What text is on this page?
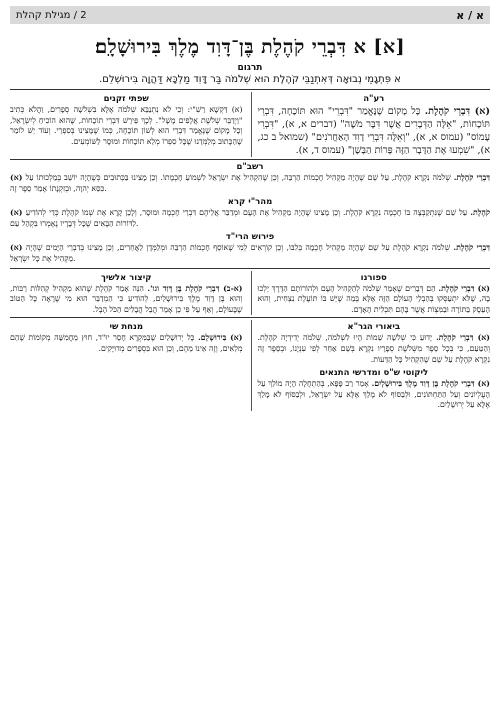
א / א
2 / מגילת קהלת
[א] א דִּבְרֵי קֹהֶלֶת בֶּן־דָּוִד מֶלֶךְ בִּירוּשָׁלָֽם׃
תרגום
א פִּתְגָמֵי נְבוּאָה דְּאִתְנַבֵּי קֹהֶלֶת הוּא שְׁלֹמֹה בַּר דָּוִד מַלְכָּא דַּהֲוָה בִּירוּשְׁלֵם.
רע"ה
(א) דִּבְרֵי קֹהֶלֶת. כָּל מָקוֹם שֶׁנֶּאֱמַר "דִּבְרֵי" הוּא תּוֹכָחָה, דִּבְרֵי תּוֹכָחוֹת, "אֵלֶּה הַדְּבָרִים אֲשֶׁר דִּבֶּר מֹשֶׁה" (דברים א, א), "דִּבְרֵי עָמוֹס" (עמוס א, א), "וְאֵלֶּה דִּבְרֵי דָוִד הָאַחֲרֹנִים" (שמואל ב כג, א), "שִׁמְעוּ אֶת הַדָּבָר הַזֶּה פָּרוֹת הַבָּשָׁן" (עמוס ד, א).
שפתי זקנים
(א) דַּקְשָׁא רַשִׁ"י: וְכִי לֹא נִתְנַבֵּא שְׁלֹמֹה אֶלָּא בִּשְׁלֹשָׁה סְפָרִים, וַהֲלֹא כְּתִיב "וַיְדַבֵּר שְׁלֹשֶׁת אֲלָפִים מָשָׁל". לְכָךְ פֵּירֵשׁ דִּבְרֵי תוֹכָחוֹת, שֶׁהוּא הוֹכִיחַ לְיִשְׂרָאֵל, וְכָל מָקוֹם שֶׁנֶּאֱמַר דִּבְרֵי הוּא לְשׁוֹן תּוֹכָחָה, כְּמוֹ שֶׁמָּצִינוּ בְּסִפְרֵי. וְעוֹד יֵשׁ לוֹמַר שֶׁהַכָּתוּב מְלַמְּדֵנוּ שֶׁכָּל סִפְרוֹ מְלֵא תוֹכָחוֹת וּמוּסָר לַשּׁוֹמְעִים.
רשב"ם
(א) דִּבְרֵי קֹהֶלֶת. שְׁלֹמֹה נִקְרָא קֹהֶלֶת, עַל שֵׁם שֶׁהָיָה מַקְהִיל חָכְמוֹת הַרְבֵּה, וְכֵן שֶׁהִקְהִיל אֶת יִשְׂרָאֵל לִשְׁמוֹעַ חָכְמָתוֹ. וְכֵן מָצִינוּ בַּכְּתוּבִים כְּשֶׁהָיָה יוֹשֵׁב בְּמַלְכוּתוֹ עַל כִּסֵּא יְהוָה, וּבְזִקְנָתוֹ אָמַר סֵפֶר זֶה.
מהר"י קרא
(א) קֹהֶלֶת. עַל שֵׁם שֶׁנִּתְקַבְּצָה בּוֹ חָכְמָה נִקְרָא קֹהֶלֶת. וְכֵן מָצִינוּ שֶׁהָיָה מַקְהִיל אֶת הָעָם וּמְדַבֵּר אֲלֵיהֶם דִּבְרֵי חָכְמָה וּמוּסָר, וְלָכֵן קָרָא אֶת שְׁמוֹ קֹהֶלֶת כְּדֵי לְהוֹדִיעַ לַדּוֹרוֹת הַבָּאִים שֶׁכָּל דְּבָרָיו נֶאֶמְרוּ בִּקְהַל עַם.
פירוש הרי"ד
(א) דִּבְרֵי קֹהֶלֶת. שְׁלֹמֹה נִקְרָא קֹהֶלֶת עַל שֵׁם שֶׁהָיָה מַקְהִיל חָכְמָה בְּלִבּוֹ, וְכֵן קוֹרְאִים לְמִי שֶׁאוֹסֵף חָכְמוֹת הַרְבֵּה וּמְלַמְּדָן לַאֲחֵרִים, וְכֵן מָצִינוּ בְּדִבְרֵי הַיָּמִים שֶׁהָיָה מַקְהִיל אֶת כָּל יִשְׂרָאֵל.
ספורנו
(א) דִּבְרֵי קֹהֶלֶת. הֵם דְּבָרִים שֶׁאָמַר שְׁלֹמֹה לְהַקְהִיל הָעָם וּלְהוֹרוֹתָם הַדֶּרֶךְ יֵלְכוּ בָהּ, שֶׁלֹּא יִתְעַסְּקוּ בְּהַבְלֵי הָעוֹלָם הַזֶּה אֶלָּא בְּמַה שֶׁיֵּשׁ בּוֹ תּוֹעֶלֶת נִצְחִית, וְהוּא הָעֵסֶק בַּתּוֹרָה וּבַמִּצְוֹת אֲשֶׁר בָּהֶם תִּכְלִית הָאָדָם.
קיצור אלשיך
(א-ב) דִּבְרֵי קֹהֶלֶת בֶּן דָּוִד וגו'. הִנֵּה אָמַר קֹהֶלֶת שֶׁהוּא מַקְהִיל קְהִלּוֹת רַבּוֹת, וְהוּא בֶּן דָּוִד מֶלֶךְ בִּירוּשָׁלַיִם, לְהוֹדִיעַ כִּי הַמְדַבֵּר הוּא מִי שֶׁרָאָה כָּל הַטּוֹב שֶׁבָּעוֹלָם, וְאַף עַל פִּי כֵן אָמַר הֲבֵל הֲבָלִים הַכֹּל הָבֶל.
ביאורי הגר"א
(א) דִּבְרֵי קֹהֶלֶת. יָדוּעַ כִּי שְׁלֹשָׁה שֵׁמוֹת הָיוּ לִשְׁלֹמֹה, שְׁלֹמֹה יְדִידְיָה קֹהֶלֶת. וְהַטַּעַם, כִּי בְּכָל סֵפֶר מִשְּׁלֹשֶׁת סְפָרָיו נִקְרָא בְּשֵׁם אַחֵר לְפִי עִנְיָנוֹ, וּבְסֵפֶר זֶה נִקְרָא קֹהֶלֶת עַל שֵׁם שֶׁהִקְהִיל כָּל הַדֵּעוֹת.
ליקוטי ש"ס ומדרשי התנאים
(א) דִּבְרֵי קֹהֶלֶת בֶּן דָּוִד מֶלֶךְ בִּירוּשָׁלָיִם. אָמַר רַב פָּפָּא, בְּהַתְחָלָה הָיָה מוֹלֵךְ עַל הָעֶלְיוֹנִים וְעַל הַתַּחְתּוֹנִים, וּלְבַסּוֹף לֹא מָלַךְ אֶלָּא עַל יִשְׂרָאֵל, וּלְבַסּוֹף לֹא מָלַךְ אֶלָּא עַל יְרוּשָׁלַיִם.
מנחת שי
(א) בִּירוּשָׁלָם. כָּל יְרוּשָׁלַיִם שֶׁבַּמִּקְרָא חָסֵר יוּ"ד, חוּץ מֵחֲמִשָּׁה מְקוֹמוֹת שֶׁהֵם מְלֵאִים, וְזֶה אֵינוֹ מֵהֶם, וְכֵן הוּא בִּסְפָרִים מְדוּיָּקִים.
